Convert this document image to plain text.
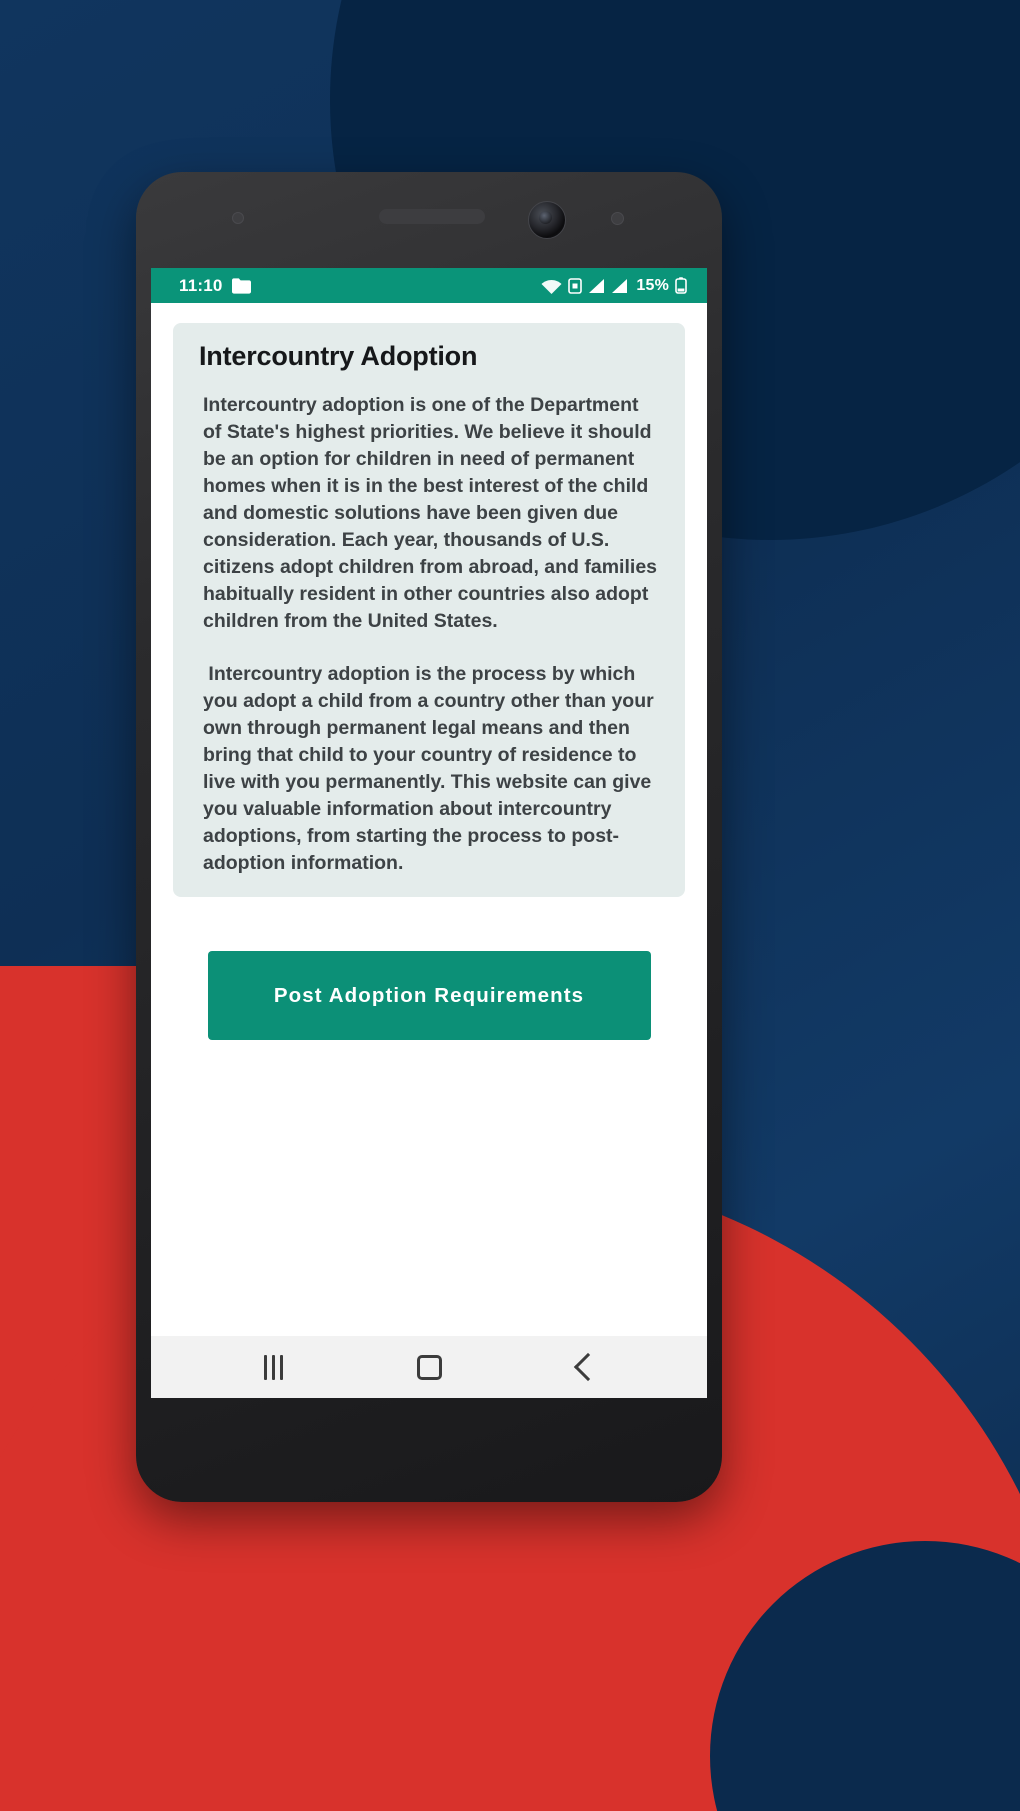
11:10	15%
Intercountry Adoption

Intercountry adoption is one of the Department of State's highest priorities. We believe it should be an option for children in need of permanent homes when it is in the best interest of the child and domestic solutions have been given due consideration. Each year, thousands of U.S. citizens adopt children from abroad, and families habitually resident in other countries also adopt children from the United States.

Intercountry adoption is the process by which you adopt a child from a country other than your own through permanent legal means and then bring that child to your country of residence to live with you permanently. This website can give you valuable information about intercountry adoptions, from starting the process to post-adoption information.

Post Adoption Requirements
